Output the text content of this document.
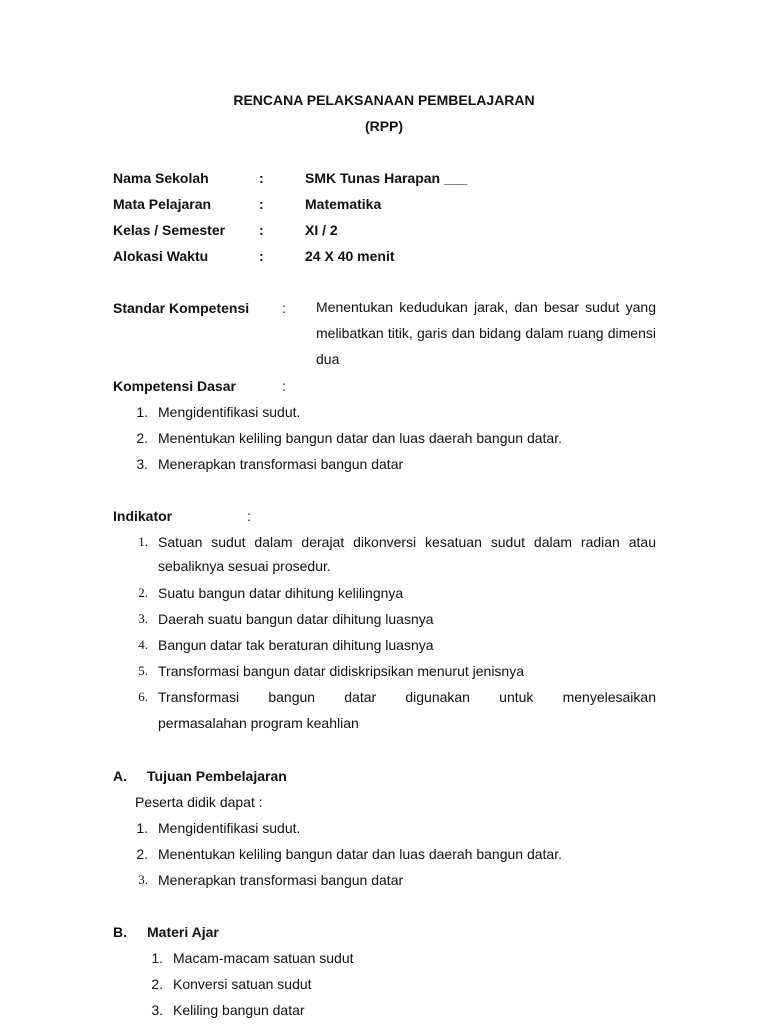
RENCANA PELAKSANAAN PEMBELAJARAN
(RPP)
Nama Sekolah	:	SMK Tunas Harapan ___
Mata Pelajaran	:	Matematika
Kelas / Semester :	XI / 2
Alokasi Waktu	:	24 X 40 menit
Standar Kompetensi : Menentukan kedudukan jarak, dan besar sudut yang melibatkan titik, garis dan bidang dalam ruang dimensi dua
Kompetensi Dasar	:
1. Mengidentifikasi sudut.
2. Menentukan keliling bangun datar dan luas daerah bangun datar.
3. Menerapkan transformasi bangun datar
Indikator	:
1. Satuan sudut dalam derajat dikonversi kesatuan sudut dalam radian atau
sebaliknya sesuai prosedur.
2. Suatu bangun datar dihitung kelilingnya
3. Daerah suatu bangun datar dihitung luasnya
4. Bangun datar tak beraturan dihitung luasnya
5. Transformasi bangun datar didiskripsikan menurut jenisnya
6. Transformasi bangun datar digunakan untuk menyelesaikan
permasalahan program keahlian
A. Tujuan Pembelajaran
Peserta didik dapat :
1. Mengidentifikasi sudut.
2. Menentukan keliling bangun datar dan luas daerah bangun datar.
3. Menerapkan transformasi bangun datar
B. Materi Ajar
1. Macam-macam satuan sudut
2. Konversi satuan sudut
3. Keliling bangun datar
